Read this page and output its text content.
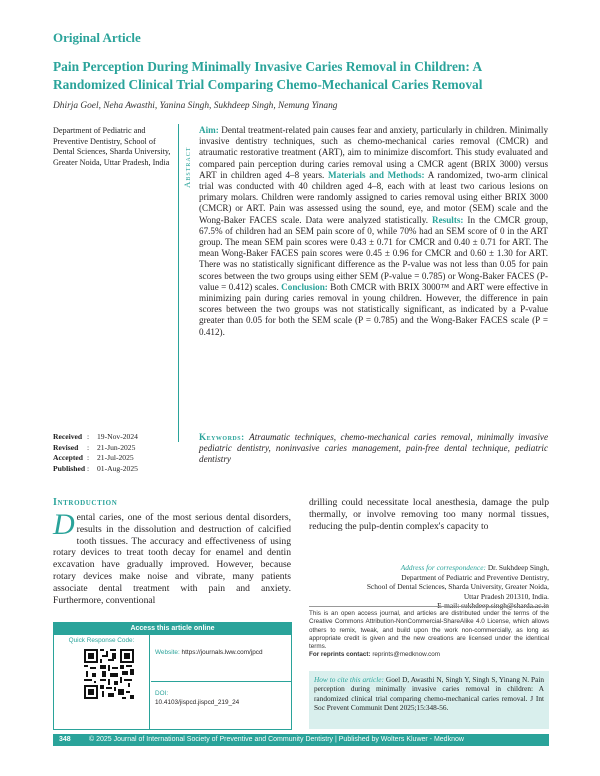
Original Article
Pain Perception During Minimally Invasive Caries Removal in Children: A Randomized Clinical Trial Comparing Chemo-Mechanical Caries Removal
Dhirja Goel, Neha Awasthi, Yanina Singh, Sukhdeep Singh, Nemung Yinang
Department of Pediatric and Preventive Dentistry, School of Dental Sciences, Sharda University, Greater Noida, Uttar Pradesh, India Abstract
Aim: Dental treatment-related pain causes fear and anxiety, particularly in children. Minimally invasive dentistry techniques, such as chemo-mechanical caries removal (CMCR) and atraumatic restorative treatment (ART), aim to minimize discomfort. This study evaluated and compared pain perception during caries removal using a CMCR agent (BRIX 3000) versus ART in children aged 4–8 years. Materials and Methods: A randomized, two-arm clinical trial was conducted with 40 children aged 4–8, each with at least two carious lesions on primary molars. Children were randomly assigned to caries removal using either BRIX 3000 (CMCR) or ART. Pain was assessed using the sound, eye, and motor (SEM) scale and the Wong-Baker FACES scale. Data were analyzed statistically. Results: In the CMCR group, 67.5% of children had an SEM pain score of 0, while 70% had an SEM score of 0 in the ART group. The mean SEM pain scores were 0.43 ± 0.71 for CMCR and 0.40 ± 0.71 for ART. The mean Wong-Baker FACES pain scores were 0.45 ± 0.96 for CMCR and 0.60 ± 1.30 for ART. There was no statistically significant difference as the P-value was not less than 0.05 for pain scores between the two groups using either SEM (P-value = 0.785) or Wong-Baker FACES (P-value = 0.412) scales. Conclusion: Both CMCR with BRIX 3000™ and ART were effective in minimizing pain during caries removal in young children. However, the difference in pain scores between the two groups was not statistically significant, as indicated by a P-value greater than 0.05 for both the SEM scale (P = 0.785) and the Wong-Baker FACES scale (P = 0.412).
Received	:	19-Nov-2024
Revised	:	21-Jun-2025
Accepted	:	21-Jul-2025
Published	:	01-Aug-2025
Keywords: Atraumatic techniques, chemo-mechanical caries removal, minimally invasive pediatric dentistry, noninvasive caries management, pain-free dental technique, pediatric dentistry
Introduction
Dental caries, one of the most serious dental disorders, results in the dissolution and destruction of calcified tooth tissues. The accuracy and effectiveness of using rotary devices to treat tooth decay for enamel and dentin excavation have gradually improved. However, because rotary devices make noise and vibrate, many patients associate dental treatment with pain and anxiety. Furthermore, conventional
drilling could necessitate local anesthesia, damage the pulp thermally, or involve removing too many normal tissues, reducing the pulp-dentin complex's capacity to
Access this article online
Quick Response Code:
Website: https://journals.lww.com/jpcd
DOI:
10.4103/jispcd.jispcd_219_24
Address for correspondence: Dr. Sukhdeep Singh,
Department of Pediatric and Preventive Dentistry,
School of Dental Sciences, Sharda University, Greater Noida,
Uttar Pradesh 201310, India.
E-mail: sukhdeep.singh@sharda.ac.in
This is an open access journal, and articles are distributed under the terms of the Creative Commons Attribution-NonCommercial-ShareAlike 4.0 License, which allows others to remix, tweak, and build upon the work non-commercially, as long as appropriate credit is given and the new creations are licensed under the identical terms.
For reprints contact: reprints@medknow.com
How to cite this article: Goel D, Awasthi N, Singh Y, Singh S, Yinang N. Pain perception during minimally invasive caries removal in children: A randomized clinical trial comparing chemo-mechanical caries removal. J Int Soc Prevent Communit Dent 2025;15:348-56.
348	© 2025 Journal of International Society of Preventive and Community Dentistry | Published by Wolters Kluwer - Medknow
